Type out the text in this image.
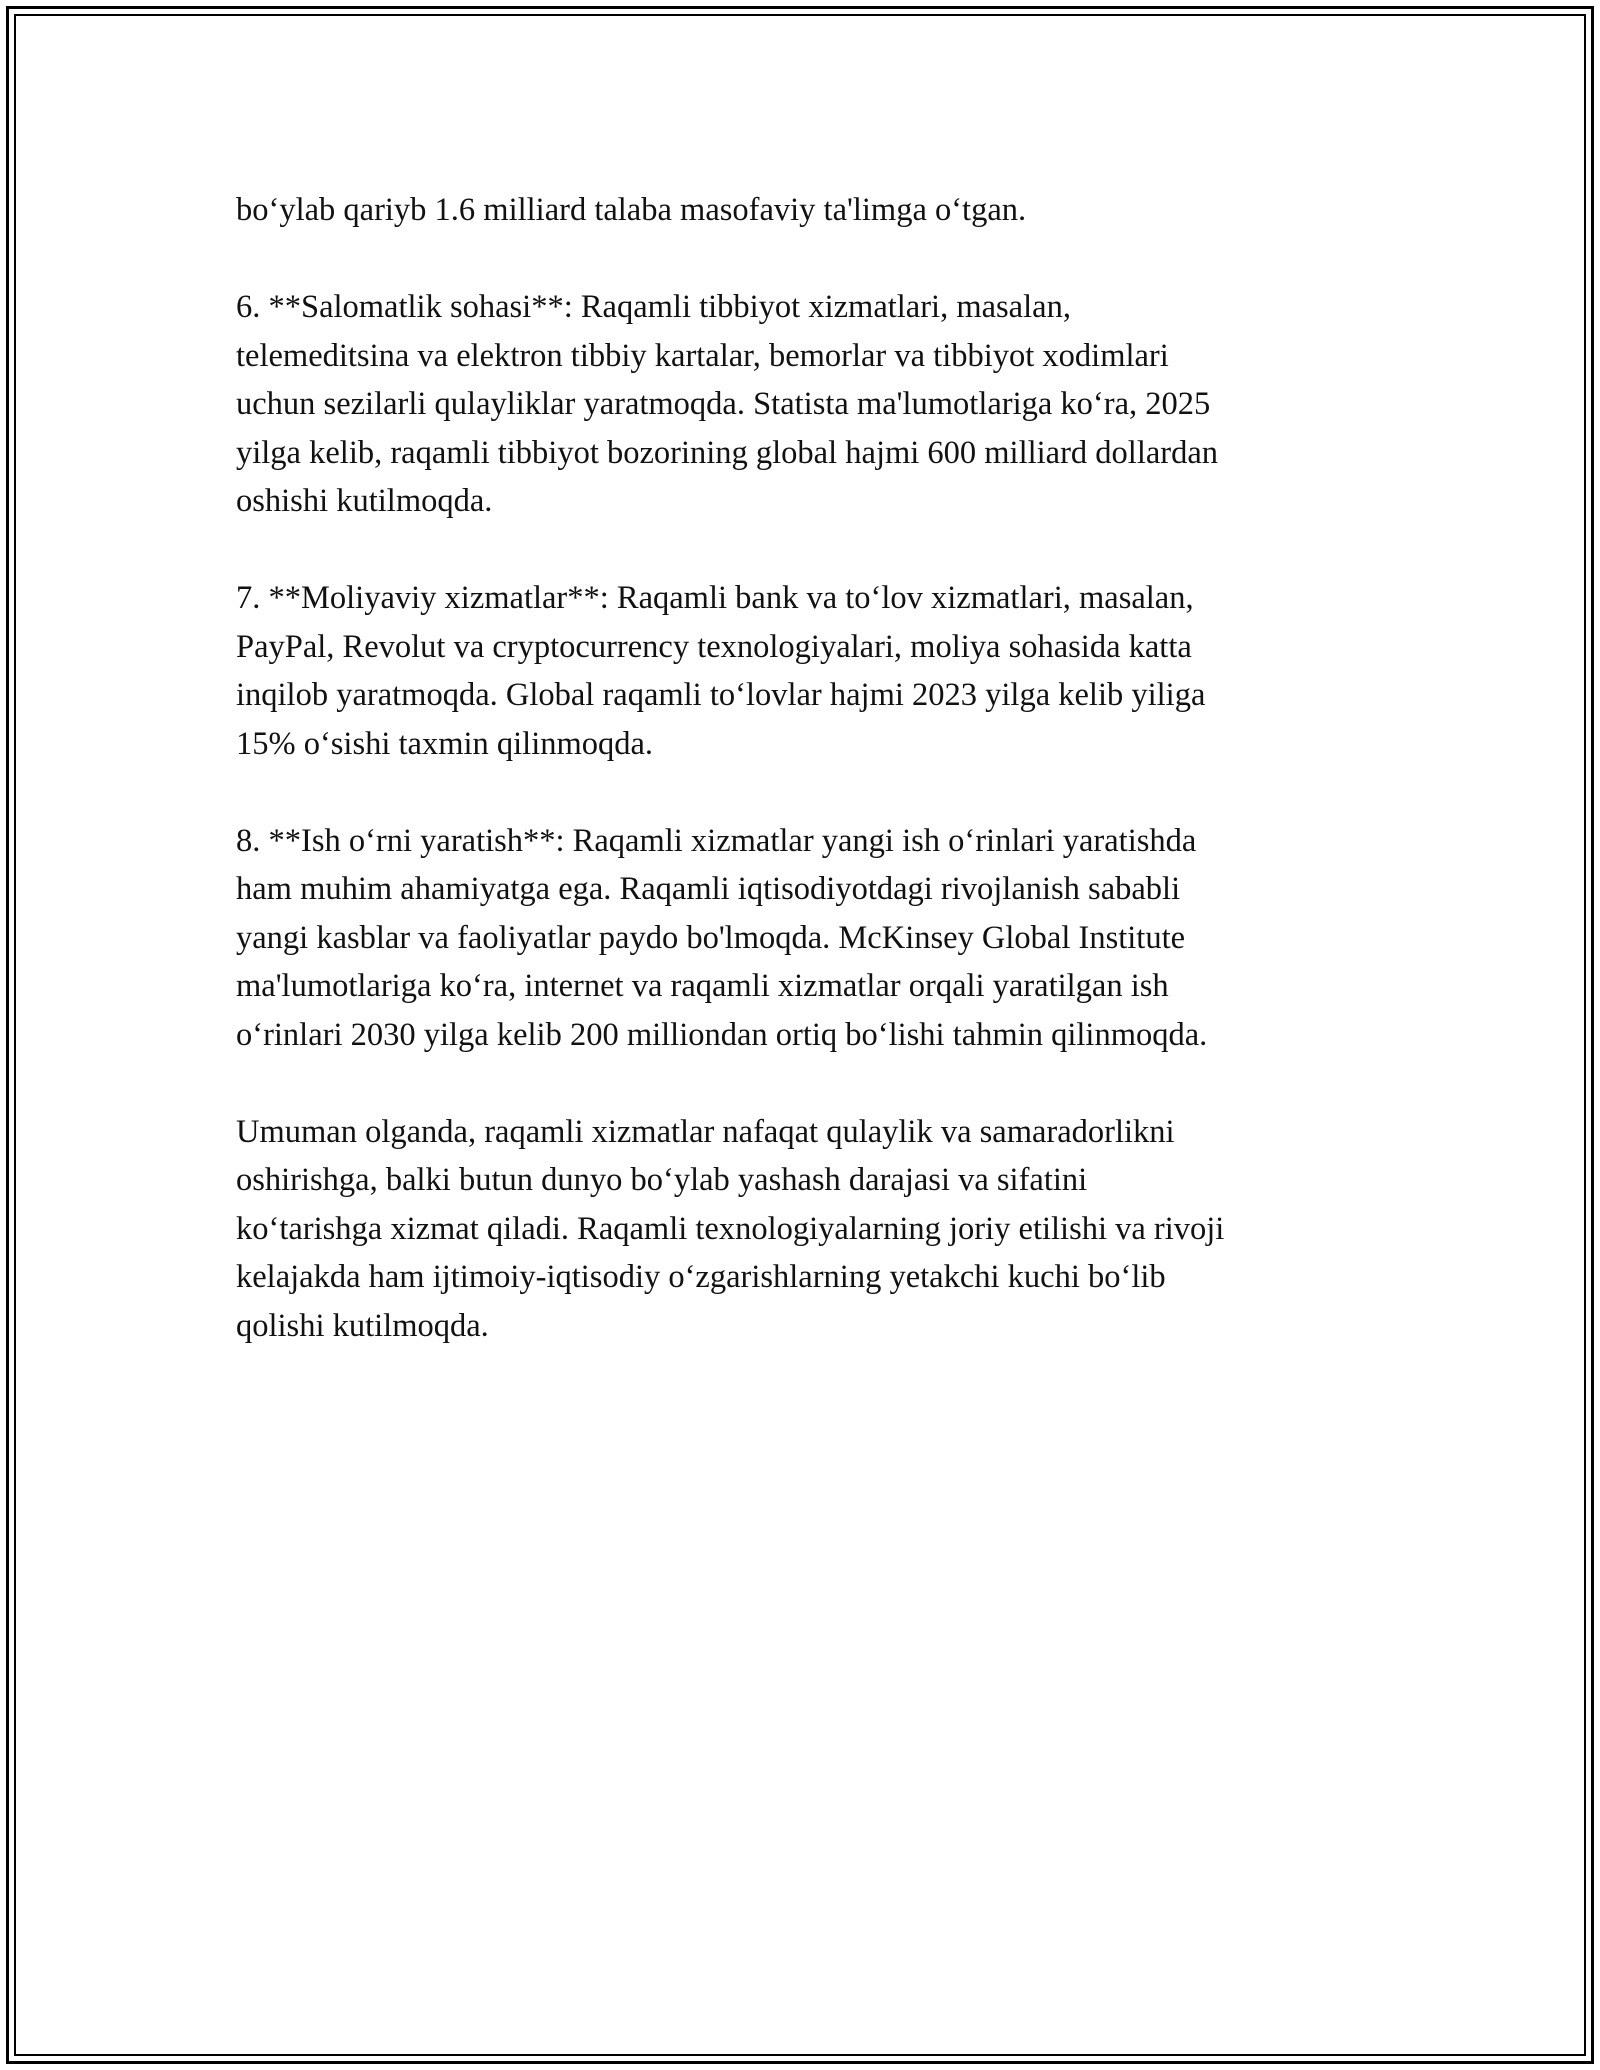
bo‘ylab qariyb 1.6 milliard talaba masofaviy ta'limga o‘tgan.

6. **Salomatlik sohasi**: Raqamli tibbiyot xizmatlari, masalan,
telemeditsina va elektron tibbiy kartalar, bemorlar va tibbiyot xodimlari
uchun sezilarli qulayliklar yaratmoqda. Statista ma'lumotlariga ko‘ra, 2025
yilga kelib, raqamli tibbiyot bozorining global hajmi 600 milliard dollardan
oshishi kutilmoqda.

7. **Moliyaviy xizmatlar**: Raqamli bank va to‘lov xizmatlari, masalan,
PayPal, Revolut va cryptocurrency texnologiyalari, moliya sohasida katta
inqilob yaratmoqda. Global raqamli to‘lovlar hajmi 2023 yilga kelib yiliga
15% o‘sishi taxmin qilinmoqda.

8. **Ish o‘rni yaratish**: Raqamli xizmatlar yangi ish o‘rinlari yaratishda
ham muhim ahamiyatga ega. Raqamli iqtisodiyotdagi rivojlanish sababli
yangi kasblar va faoliyatlar paydo bo'lmoqda. McKinsey Global Institute
ma'lumotlariga ko‘ra, internet va raqamli xizmatlar orqali yaratilgan ish
o‘rinlari 2030 yilga kelib 200 milliondan ortiq bo‘lishi tahmin qilinmoqda.

Umuman olganda, raqamli xizmatlar nafaqat qulaylik va samaradorlikni
oshirishga, balki butun dunyo bo‘ylab yashash darajasi va sifatini
ko‘tarishga xizmat qiladi. Raqamli texnologiyalarning joriy etilishi va rivoji
kelajakda ham ijtimoiy-iqtisodiy o‘zgarishlarning yetakchi kuchi bo‘lib
qolishi kutilmoqda.
